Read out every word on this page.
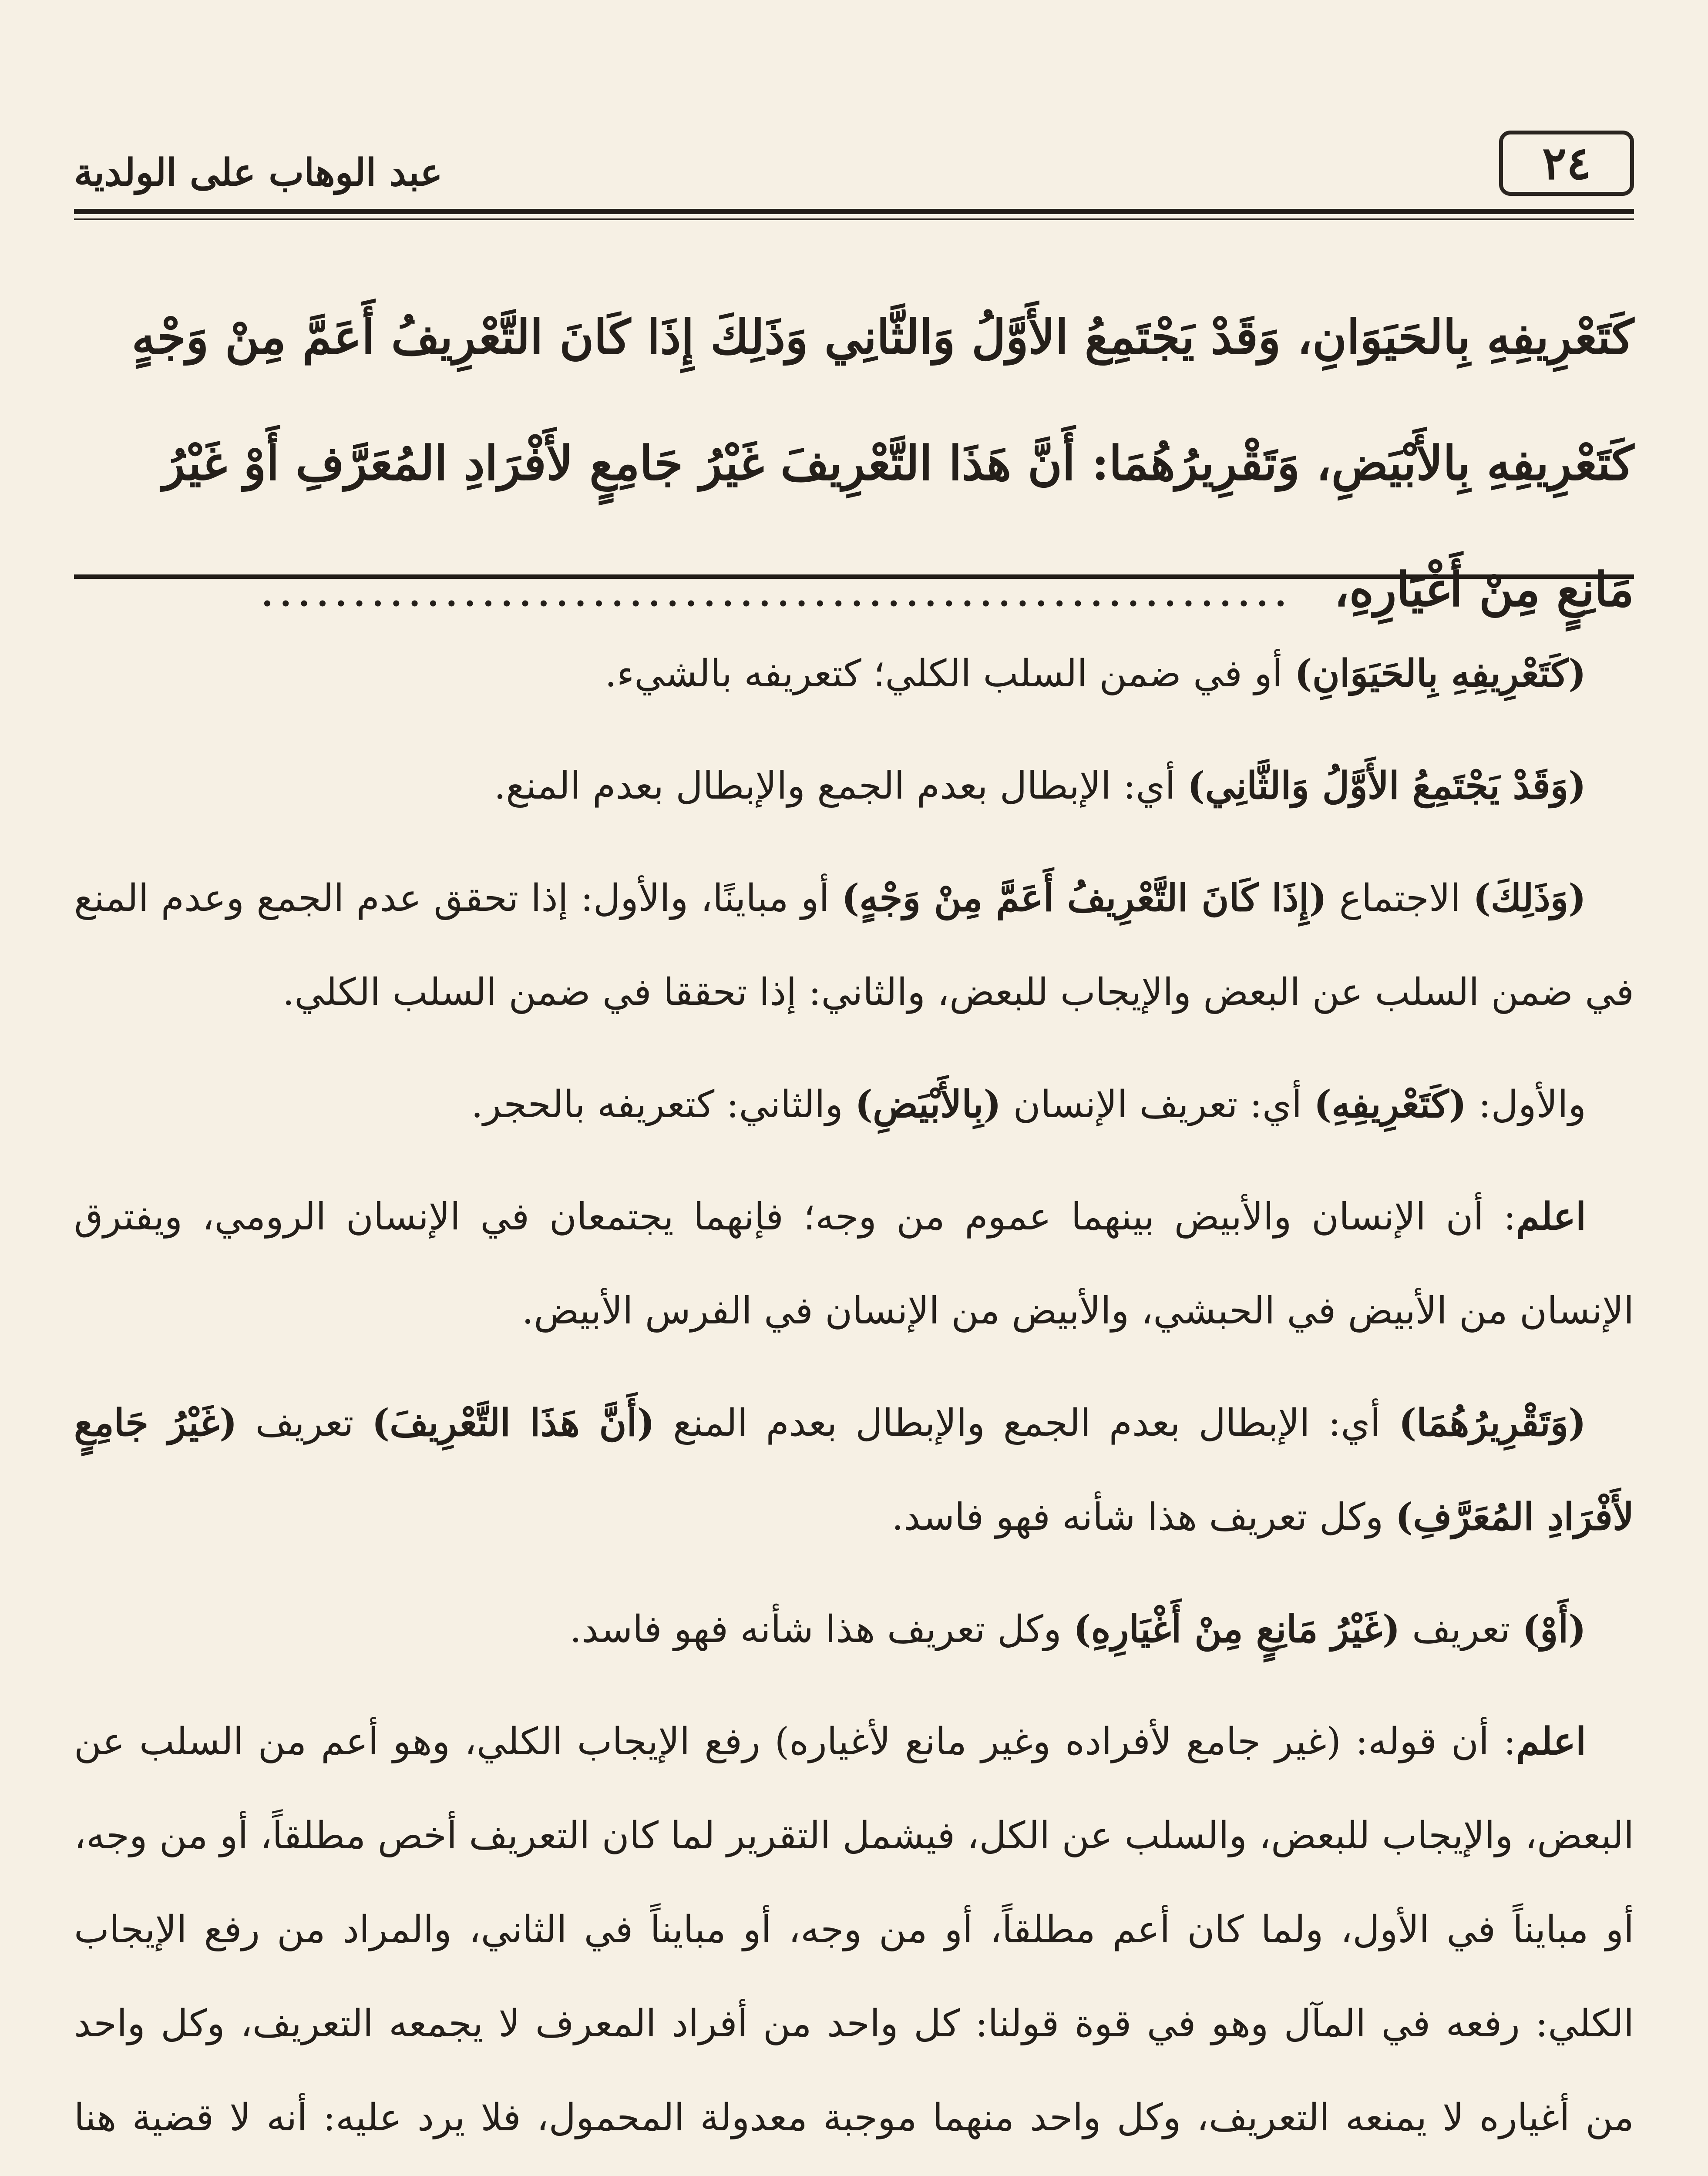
٢٤
عبد الوهاب على الولدية

كَتَعْرِيفِهِ بِالحَيَوَانِ، وَقَدْ يَجْتَمِعُ الأَوَّلُ وَالثَّانِي وَذَلِكَ إِذَا كَانَ التَّعْرِيفُ أَعَمَّ مِنْ وَجْهٍ

كَتَعْرِيفِهِ بِالأَبْيَضِ، وَتَقْرِيرُهُمَا: أَنَّ هَذَا التَّعْرِيفَ غَيْرُ جَامِعٍ لأَفْرَادِ المُعَرَّفِ أَوْ غَيْرُ

مَانِعٍ مِنْ أَغْيَارِهِ، ........................................................

(كَتَعْرِيفِهِ بِالحَيَوَانِ) أو في ضمن السلب الكلي؛ كتعريفه بالشيء.

(وَقَدْ يَجْتَمِعُ الأَوَّلُ وَالثَّانِي) أي: الإبطال بعدم الجمع والإبطال بعدم المنع.

(وَذَلِكَ) الاجتماع (إِذَا كَانَ التَّعْرِيفُ أَعَمَّ مِنْ وَجْهٍ) أو مباينًا، والأول: إذا تحقق عدم الجمع وعدم المنع في ضمن السلب عن البعض والإيجاب للبعض، والثاني: إذا تحققا في ضمن السلب الكلي.

والأول: (كَتَعْرِيفِهِ) أي: تعريف الإنسان (بِالأَبْيَضِ) والثاني: كتعريفه بالحجر.

اعلم: أن الإنسان والأبيض بينهما عموم من وجه؛ فإنهما يجتمعان في الإنسان الرومي، ويفترق الإنسان من الأبيض في الحبشي، والأبيض من الإنسان في الفرس الأبيض.

(وَتَقْرِيرُهُمَا) أي: الإبطال بعدم الجمع والإبطال بعدم المنع (أَنَّ هَذَا التَّعْرِيفَ) تعريف (غَيْرُ جَامِعٍ لأَفْرَادِ المُعَرَّفِ) وكل تعريف هذا شأنه فهو فاسد.

(أَوْ) تعريف (غَيْرُ مَانِعٍ مِنْ أَغْيَارِهِ) وكل تعريف هذا شأنه فهو فاسد.

اعلم: أن قوله: (غير جامع لأفراده وغير مانع لأغياره) رفع الإيجاب الكلي، وهو أعم من السلب عن البعض، والإيجاب للبعض، والسلب عن الكل، فيشمل التقرير لما كان التعريف أخص مطلقاً، أو من وجه، أو مبايناً في الأول، ولما كان أعم مطلقاً، أو من وجه، أو مبايناً في الثاني، والمراد من رفع الإيجاب الكلي: رفعه في المآل وهو في قوة قولنا: كل واحد من أفراد المعرف لا يجمعه التعريف، وكل واحد من أغياره لا يمنعه التعريف، وكل واحد منهما موجبة معدولة المحمول، فلا يرد عليه: أنه لا قضية هنا
